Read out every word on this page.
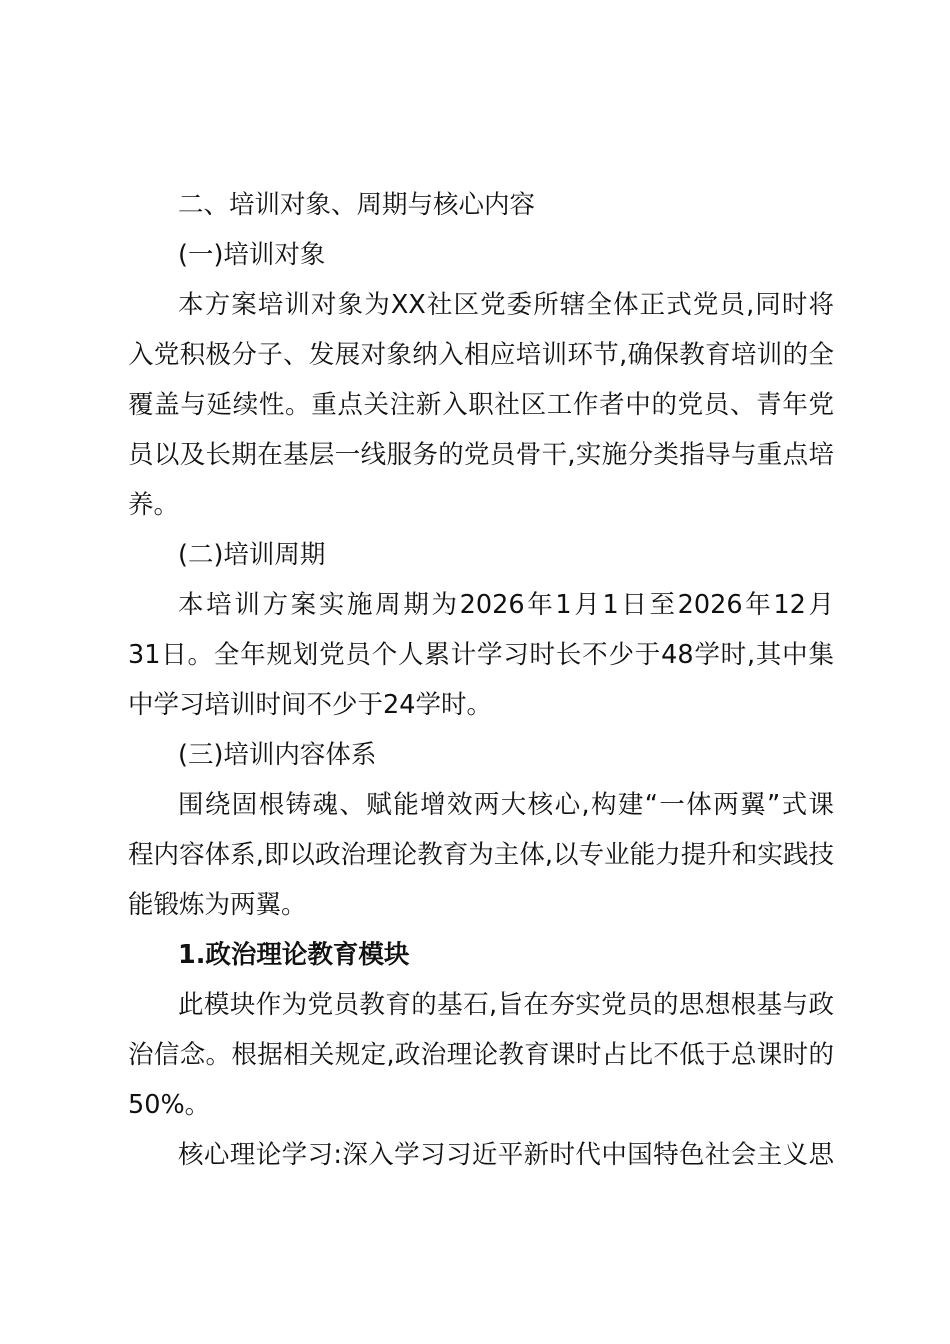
二、培训对象、周期与核心内容
(一)培训对象
本方案培训对象为XX社区党委所辖全体正式党员,同时将
入党积极分子、发展对象纳入相应培训环节,确保教育培训的全
覆盖与延续性。重点关注新入职社区工作者中的党员、青年党
员以及长期在基层一线服务的党员骨干,实施分类指导与重点培
养。
(二)培训周期
本培训方案实施周期为2026年1月1日至2026年12月
31日。全年规划党员个人累计学习时长不少于48学时,其中集
中学习培训时间不少于24学时。
(三)培训内容体系
围绕固根铸魂、赋能增效两大核心,构建“一体两翼”式课
程内容体系,即以政治理论教育为主体,以专业能力提升和实践技
能锻炼为两翼。
1.政治理论教育模块
此模块作为党员教育的基石,旨在夯实党员的思想根基与政
治信念。根据相关规定,政治理论教育课时占比不低于总课时的
50%。
核心理论学习:深入学习习近平新时代中国特色社会主义思
